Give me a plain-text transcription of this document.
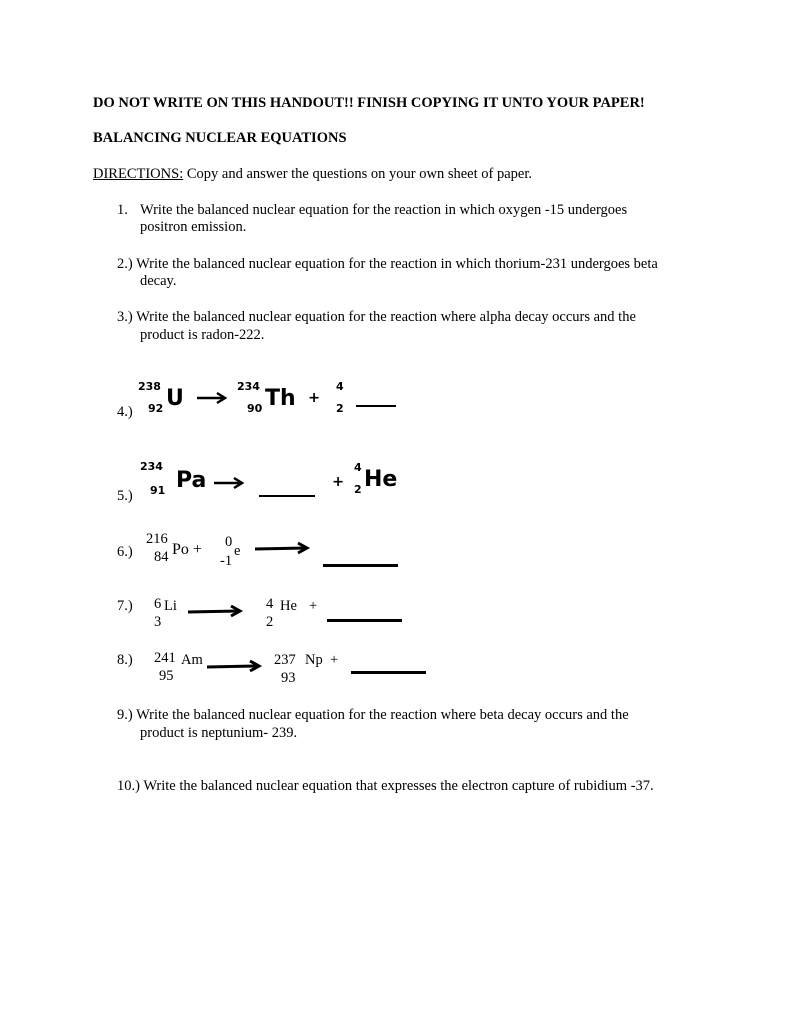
DO NOT WRITE ON THIS HANDOUT!! FINISH COPYING IT UNTO YOUR PAPER!
BALANCING NUCLEAR EQUATIONS
DIRECTIONS: Copy and answer the questions on your own sheet of paper.
1. Write the balanced nuclear equation for the reaction in which oxygen -15 undergoes
positron emission.
2.) Write the balanced nuclear equation for the reaction in which thorium-231 undergoes beta
decay.
3.) Write the balanced nuclear equation for the reaction where alpha decay occurs and the
product is radon-222.
4.)
238
92 U	234
90 Th +
4
2
5.)
234
91 Pa	+
4
2 He
6.)
216
84 Po + 0
-1
e
7.) 6 Li
3
4 He +
2
8.) 241 Am
95
237 Np +
93
9.) Write the balanced nuclear equation for the reaction where beta decay occurs and the
product is neptunium- 239.
10.) Write the balanced nuclear equation that expresses the electron capture of rubidium -37.
